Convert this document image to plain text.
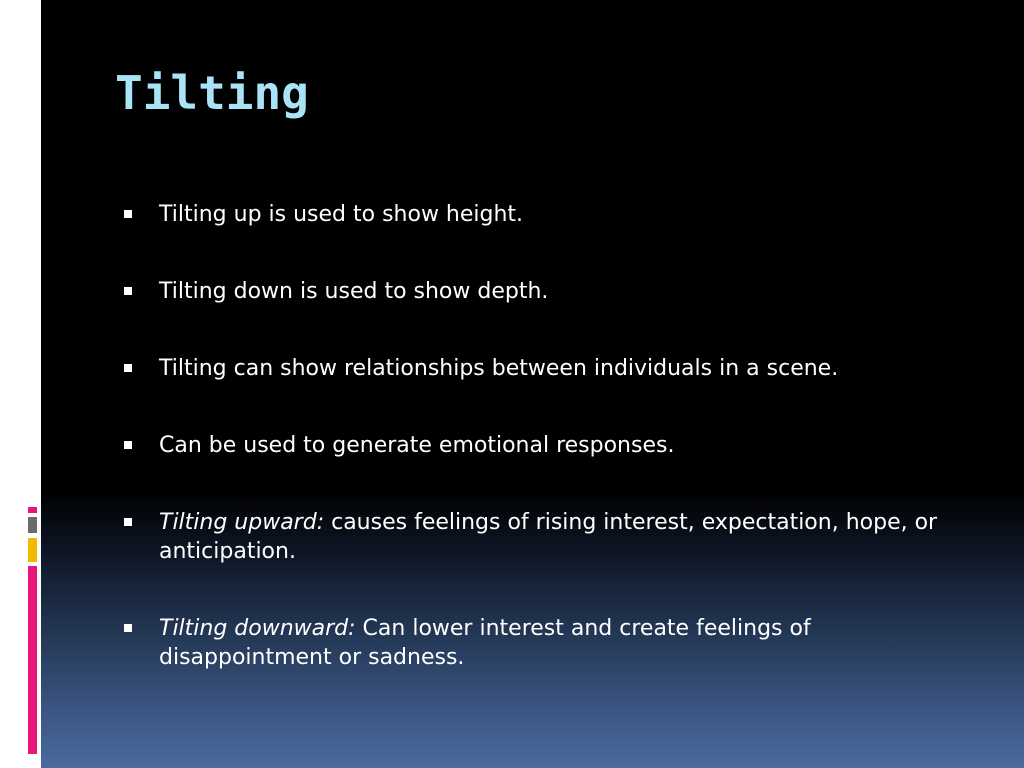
Tilting
Tilting up is used to show height.
Tilting down is used to show depth.
Tilting can show relationships between individuals in a scene.
Can be used to generate emotional responses.
Tilting upward: causes feelings of rising interest, expectation, hope, or anticipation.
Tilting downward: Can lower interest and create feelings of disappointment or sadness.
